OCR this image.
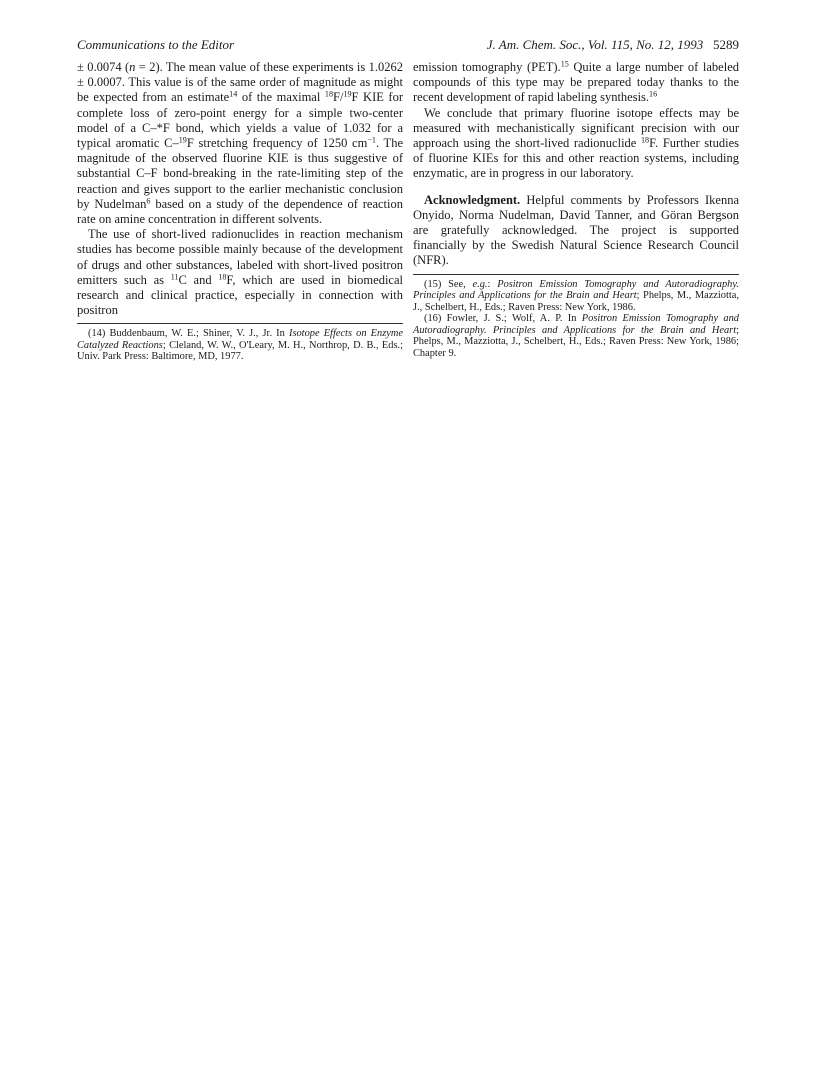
Communications to the Editor	J. Am. Chem. Soc., Vol. 115, No. 12, 1993 5289

± 0.0074 (n = 2). The mean value of these experiments is 1.0262 ± 0.0007. This value is of the same order of magnitude as might be expected from an estimate$^{14}$ of the maximal $^{18}$F/$^{19}$F KIE for complete loss of zero-point energy for a simple two-center model of a C–*F bond, which yields a value of 1.032 for a typical aromatic C–$^{19}$F stretching frequency of 1250 $cm^{-1}$. The magnitude of the observed fluorine KIE is thus suggestive of substantial C–F bond-breaking in the rate-limiting step of the reaction and gives support to the earlier mechanistic conclusion by Nudelman$^6$ based on a study of the dependence of reaction rate on amine concentration in different solvents.

The use of short-lived radionuclides in reaction mechanism studies has become possible mainly because of the development of drugs and other substances, labeled with short-lived positron emitters such as $^{11}$C and $^{18}$F, which are used in biomedical research and clinical practice, especially in connection with positron

(14) Buddenbaum, W. E.; Shiner, V. J., Jr. In Isotope Effects on Enzyme Catalyzed Reactions; Cleland, W. W., O'Leary, M. H., Northrop, D. B., Eds.; Univ. Park Press: Baltimore, MD, 1977.

emission tomography (PET).$^{15}$ Quite a large number of labeled compounds of this type may be prepared today thanks to the recent development of rapid labeling synthesis.$^{16}$

We conclude that primary fluorine isotope effects may be measured with mechanistically significant precision with our approach using the short-lived radionuclide $^{18}$F. Further studies of fluorine KIEs for this and other reaction systems, including enzymatic, are in progress in our laboratory.

Acknowledgment. Helpful comments by Professors Ikenna Onyido, Norma Nudelman, David Tanner, and Göran Bergson are gratefully acknowledged. The project is supported financially by the Swedish Natural Science Research Council (NFR).

(15) See, e.g.: Positron Emission Tomography and Autoradiography. Principles and Applications for the Brain and Heart; Phelps, M., Mazziotta, J., Schelbert, H., Eds.; Raven Press: New York, 1986.

(16) Fowler, J. S.; Wolf, A. P. In Positron Emission Tomography and Autoradiography. Principles and Applications for the Brain and Heart; Phelps, M., Mazziotta, J., Schelbert, H., Eds.; Raven Press: New York, 1986; Chapter 9.
